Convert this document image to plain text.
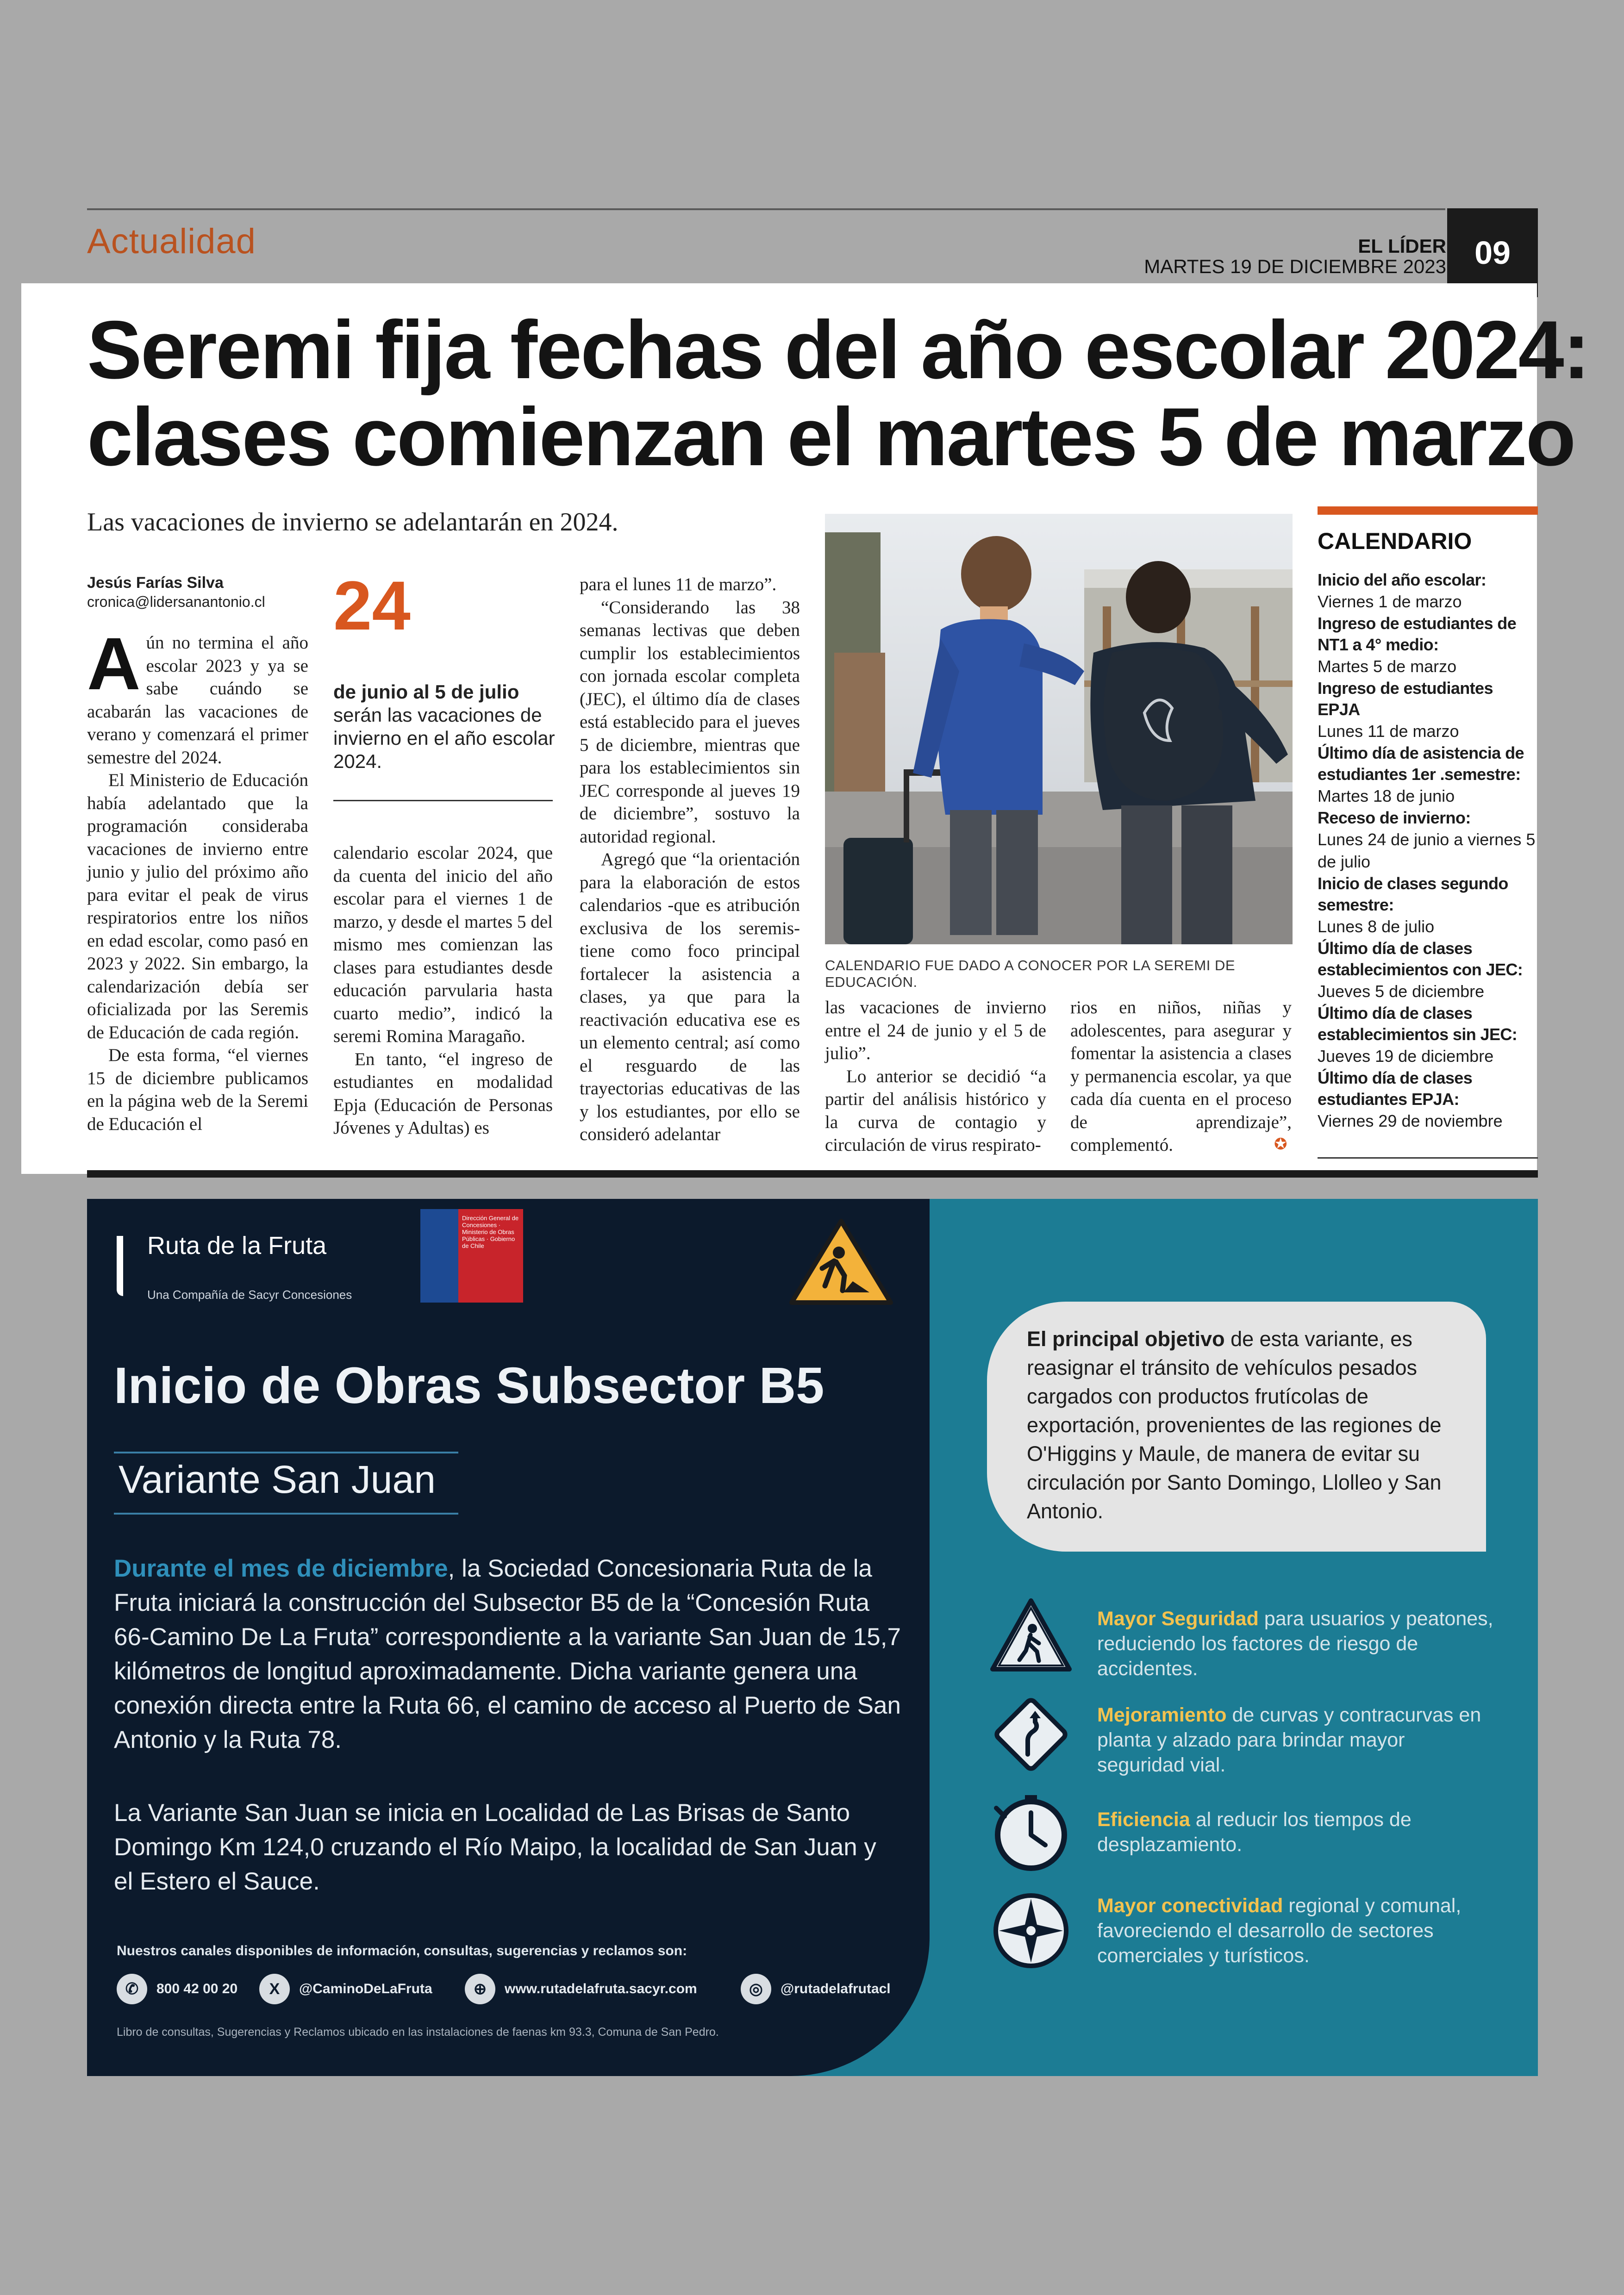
Actualidad	EL LÍDER
MARTES 19 DE DICIEMBRE 2023 09
Seremi fija fechas del año escolar 2024:
clases comienzan el martes 5 de marzo
Las vacaciones de invierno se adelantarán en 2024.
Jesús Farías Silva
cronica@lidersanantonio.cl

Aún no termina el año escolar 2023 y ya se sabe cuándo se acabarán las vacaciones de verano y comenzará el primer semestre del 2024.

El Ministerio de Educación había adelantado que la programación consideraba vacaciones de invierno entre junio y julio del próximo año para evitar el peak de virus respiratorios entre los niños en edad escolar, como pasó en 2023 y 2022. Sin embargo, la calendarización debía ser oficializada por las Seremis de Educación de cada región.

De esta forma, “el viernes 15 de diciembre publicamos en la página web de la Seremi de Educación el

24
de junio al 5 de julio serán las vacaciones de invierno en el año escolar 2024.

calendario escolar 2024, que da cuenta del inicio del año escolar para el viernes 1 de marzo, y desde el martes 5 del mismo mes comienzan las clases para estudiantes desde educación parvularia hasta cuarto medio”, indicó la seremi Romina Maragaño.

En tanto, “el ingreso de estudiantes en modalidad Epja (Educación de Personas Jóvenes y Adultas) es

para el lunes 11 de marzo”.

“Considerando las 38 semanas lectivas que deben cumplir los establecimientos con jornada escolar completa (JEC), el último día de clases está establecido para el jueves 5 de diciembre, mientras que para los establecimientos sin JEC corresponde al jueves 19 de diciembre”, sostuvo la autoridad regional.

Agregó que “la orientación para la elaboración de estos calendarios -que es atribución exclusiva de los seremis- tiene como foco principal fortalecer la asistencia a clases, ya que para la reactivación educativa ese es un elemento central; así como el resguardo de las trayectorias educativas de las y los estudiantes, por ello se consideró adelantar

CALENDARIO FUE DADO A CONOCER POR LA SEREMI DE EDUCACIÓN.

las vacaciones de invierno entre el 24 de junio y el 5 de julio”.

Lo anterior se decidió “a partir del análisis histórico y la curva de contagio y circulación de virus respirato-

rios en niños, niñas y adolescentes, para asegurar y fomentar la asistencia a clases y permanencia escolar, ya que cada día cuenta en el proceso de aprendizaje”, complementó.	✪
CALENDARIO
Inicio del año escolar:
Viernes 1 de marzo
Ingreso de estudiantes de NT1 a 4° medio:
Martes 5 de marzo
Ingreso de estudiantes EPJA
Lunes 11 de marzo
Último día de asistencia de estudiantes 1er .semestre:
Martes 18 de junio
Receso de invierno:
Lunes 24 de junio a viernes 5 de julio
Inicio de clases segundo semestre:
Lunes 8 de julio
Último día de clases establecimientos con JEC:
Jueves 5 de diciembre
Último día de clases establecimientos sin JEC:
Jueves 19 de diciembre
Último día de clases estudiantes EPJA:
Viernes 29 de noviembre
Ruta de la Fruta
Una Compañía de Sacyr Concesiones
Dirección General de Concesiones · Ministerio de Obras Públicas · Gobierno de Chile
Inicio de Obras Subsector B5
Variante San Juan
Durante el mes de diciembre, la Sociedad Concesionaria Ruta de la Fruta iniciará la construcción del Subsector B5 de la “Concesión Ruta 66-Camino De La Fruta” correspondiente a la variante San Juan de 15,7 kilómetros de longitud aproximadamente. Dicha variante genera una conexión directa entre la Ruta 66, el camino de acceso al Puerto de San Antonio y la Ruta 78.
La Variante San Juan se inicia en Localidad de Las Brisas de Santo Domingo Km 124,0 cruzando el Río Maipo, la localidad de San Juan y el Estero el Sauce.
Nuestros canales disponibles de información, consultas, sugerencias y reclamos son:
✆	800 42 00 20	X	@CaminoDeLaFruta	⊕	www.rutadelafruta.sacyr.com	◎	@rutadelafrutacl
Libro de consultas, Sugerencias y Reclamos ubicado en las instalaciones de faenas km 93.3, Comuna de San Pedro.
El principal objetivo de esta variante, es reasignar el tránsito de vehículos pesados cargados con productos frutícolas de exportación, provenientes de las regiones de O'Higgins y Maule, de manera de evitar su circulación por Santo Domingo, Llolleo y San Antonio.
Mayor Seguridad para usuarios y peatones, reduciendo los factores de riesgo de accidentes.
Mejoramiento de curvas y contracurvas en planta y alzado para brindar mayor seguridad vial.
Eficiencia al reducir los tiempos de desplazamiento.
Mayor conectividad regional y comunal, favoreciendo el desarrollo de sectores comerciales y turísticos.
